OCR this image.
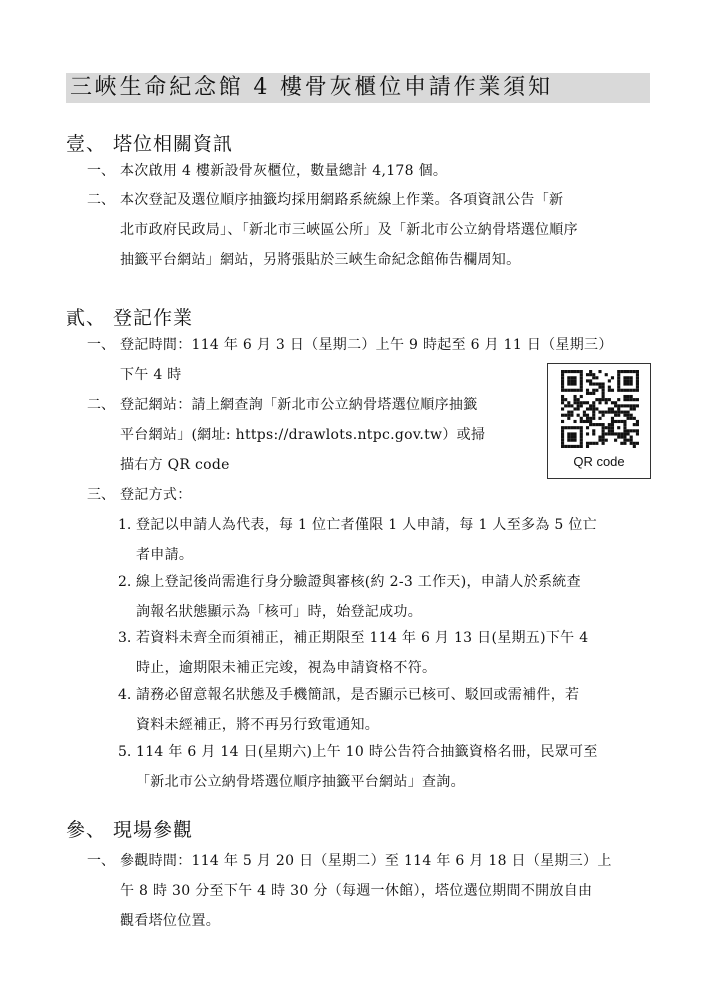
三峽生命紀念館 4 樓骨灰櫃位申請作業須知
壹、 塔位相關資訊
一、 本次啟用 4 樓新設骨灰櫃位，數量總計 4,178 個。
二、 本次登記及選位順序抽籤均採用網路系統線上作業。各項資訊公告「新
北市政府民政局」、「新北市三峽區公所」及「新北市公立納骨塔選位順序
抽籤平台網站」網站，另將張貼於三峽生命紀念館佈告欄周知。
貳、 登記作業
一、 登記時間：114 年 6 月 3 日（星期二）上午 9 時起至 6 月 11 日（星期三）
下午 4 時
二、 登記網站：請上網查詢「新北市公立納骨塔選位順序抽籤
平台網站」(網址: https://drawlots.ntpc.gov.tw）或掃
描右方 QR code	QR code
三、 登記方式：
1. 登記以申請人為代表，每 1 位亡者僅限 1 人申請，每 1 人至多為 5 位亡
者申請。
2. 線上登記後尚需進行身分驗證與審核(約 2-3 工作天)，申請人於系統查
詢報名狀態顯示為「核可」時，始登記成功。
3. 若資料未齊全而須補正，補正期限至 114 年 6 月 13 日(星期五)下午 4
時止，逾期限未補正完竣，視為申請資格不符。
4. 請務必留意報名狀態及手機簡訊，是否顯示已核可、駁回或需補件，若
資料未經補正，將不再另行致電通知。
5. 114 年 6 月 14 日(星期六)上午 10 時公告符合抽籤資格名冊，民眾可至
「新北市公立納骨塔選位順序抽籤平台網站」查詢。
參、 現場參觀
一、 參觀時間：114 年 5 月 20 日（星期二）至 114 年 6 月 18 日（星期三）上
午 8 時 30 分至下午 4 時 30 分（每週一休館），塔位選位期間不開放自由
觀看塔位位置。
